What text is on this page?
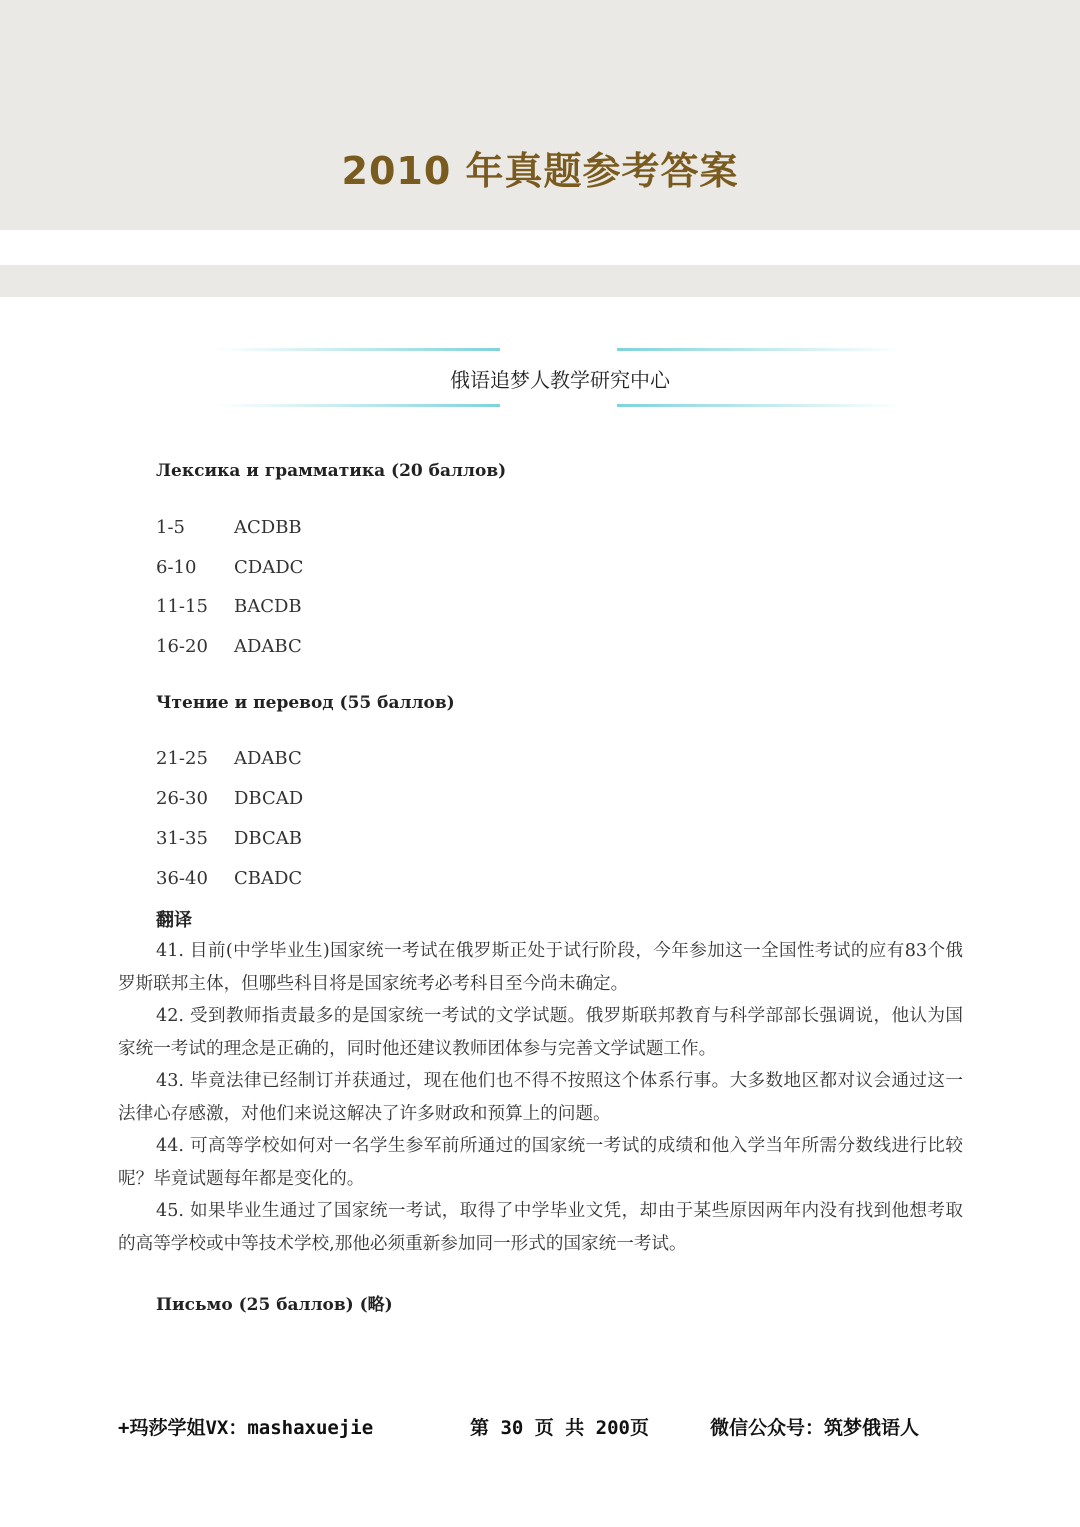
2010 年真题参考答案
俄语追梦人教学研究中心
Лексика и грамматика (20 баллов)
1-5	ACDBB
6-10 CDADC
11-15 BACDB
16-20 ADABC
Чтение и перевод (55 баллов)
21-25 ADABC
26-30 DBCAD
31-35 DBCAB
36-40 CBADC
翻译

41. 目前(中学毕业生)国家统一考试在俄罗斯正处于试行阶段，今年参加这一全国性考试的应有83个俄罗斯联邦主体，但哪些科目将是国家统考必考科目至今尚未确定。

42. 受到教师指责最多的是国家统一考试的文学试题。俄罗斯联邦教育与科学部部长强调说，他认为国家统一考试的理念是正确的，同时他还建议教师团体参与完善文学试题工作。

43. 毕竟法律已经制订并获通过，现在他们也不得不按照这个体系行事。大多数地区都对议会通过这一法律心存感激，对他们来说这解决了许多财政和预算上的问题。

44. 可高等学校如何对一名学生参军前所通过的国家统一考试的成绩和他入学当年所需分数线进行比较呢？毕竟试题每年都是变化的。

45. 如果毕业生通过了国家统一考试，取得了中学毕业文凭，却由于某些原因两年内没有找到他想考取的高等学校或中等技术学校,那他必须重新参加同一形式的国家统一考试。

Письмо (25 баллов) (略)
+玛莎学姐VX：mashaxuejie	第 30 页 共 200页	微信公众号：筑梦俄语人
